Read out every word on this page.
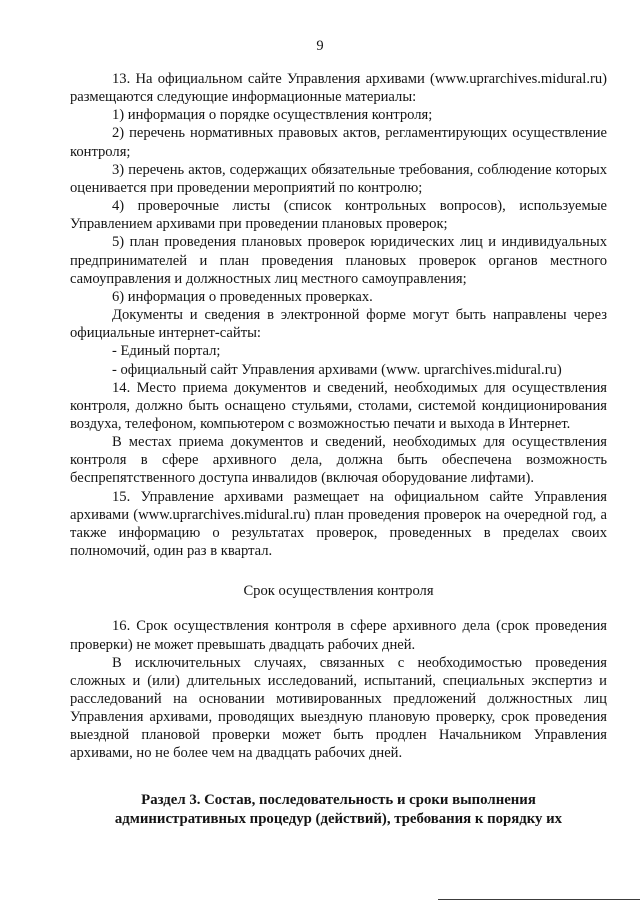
9

13. На официальном сайте Управления архивами (www.uprarchives.midural.ru) размещаются следующие информационные материалы:

1) информация о порядке осуществления контроля;

2) перечень нормативных правовых актов, регламентирующих осуществление контроля;

3) перечень актов, содержащих обязательные требования, соблюдение которых оценивается при проведении мероприятий по контролю;

4) проверочные листы (список контрольных вопросов), используемые Управлением архивами при проведении плановых проверок;

5) план проведения плановых проверок юридических лиц и индивидуальных предпринимателей и план проведения плановых проверок органов местного самоуправления и должностных лиц местного самоуправления;

6) информация о проведенных проверках.

Документы и сведения в электронной форме могут быть направлены через официальные интернет-сайты:

- Единый портал;

- официальный сайт Управления архивами (www. uprarchives.midural.ru)

14. Место приема документов и сведений, необходимых для осуществления контроля, должно быть оснащено стульями, столами, системой кондиционирования воздуха, телефоном, компьютером с возможностью печати и выхода в Интернет.

В местах приема документов и сведений, необходимых для осуществления контроля в сфере архивного дела, должна быть обеспечена возможность беспрепятственного доступа инвалидов (включая оборудование лифтами).

15. Управление архивами размещает на официальном сайте Управления архивами (www.uprarchives.midural.ru) план проведения проверок на очередной год, а также информацию о результатах проверок, проведенных в пределах своих полномочий, один раз в квартал.

Срок осуществления контроля

16. Срок осуществления контроля в сфере архивного дела (срок проведения проверки) не может превышать двадцать рабочих дней.

В исключительных случаях, связанных с необходимостью проведения сложных и (или) длительных исследований, испытаний, специальных экспертиз и расследований на основании мотивированных предложений должностных лиц Управления архивами, проводящих выездную плановую проверку, срок проведения выездной плановой проверки может быть продлен Начальником Управления архивами, но не более чем на двадцать рабочих дней.

Раздел 3. Состав, последовательность и сроки выполнения
административных процедур (действий), требования к порядку их
